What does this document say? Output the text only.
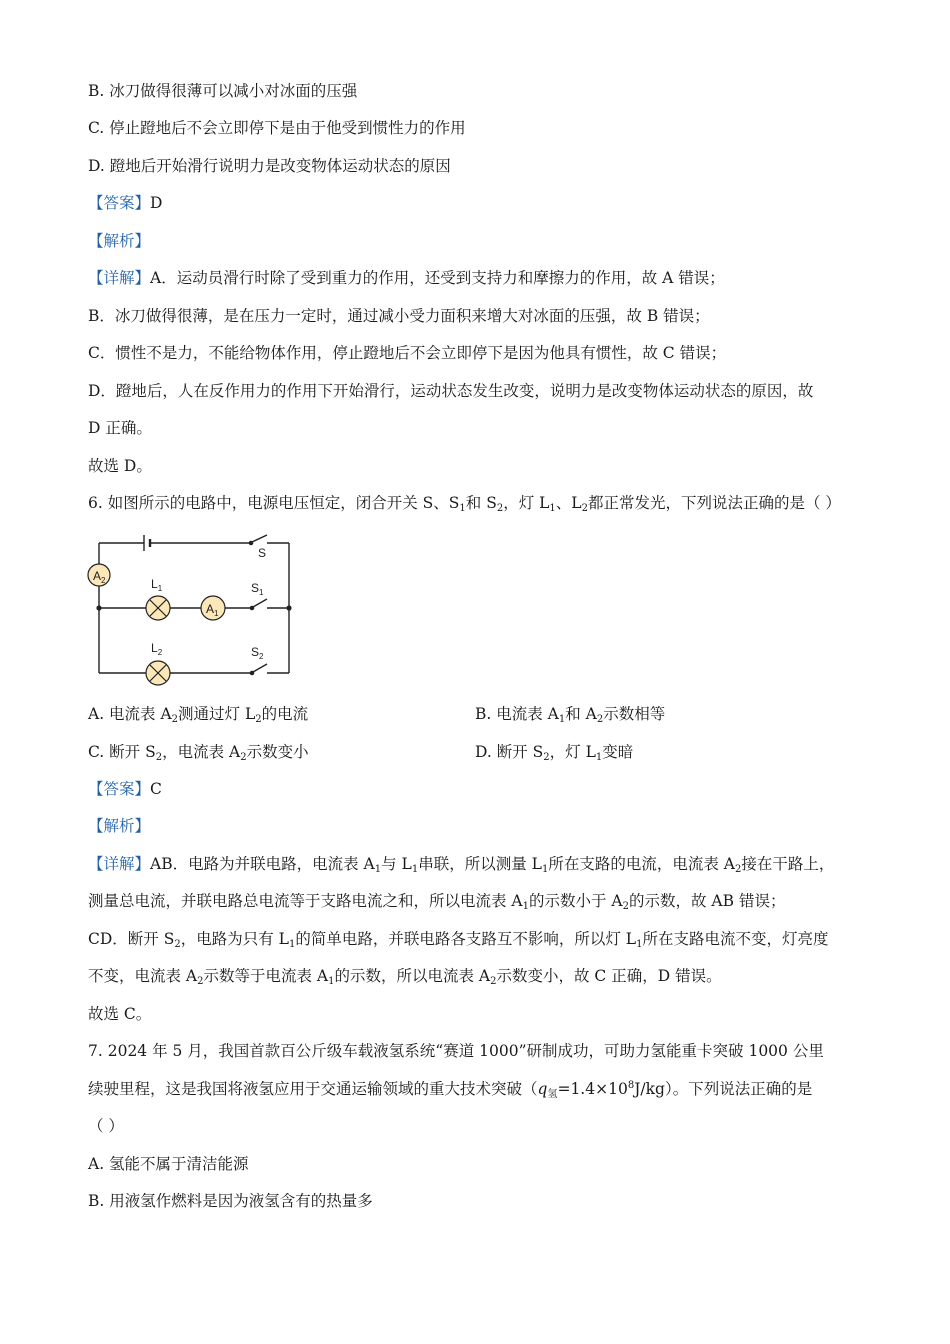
B. 冰刀做得很薄可以减小对冰面的压强
C. 停止蹬地后不会立即停下是由于他受到惯性力的作用
D. 蹬地后开始滑行说明力是改变物体运动状态的原因
【答案】D
【解析】
【详解】A．运动员滑行时除了受到重力的作用，还受到支持力和摩擦力的作用，故 A 错误；
B．冰刀做得很薄，是在压力一定时，通过减小受力面积来增大对冰面的压强，故 B 错误；
C．惯性不是力，不能给物体作用，停止蹬地后不会立即停下是因为他具有惯性，故 C 错误；
D．蹬地后，人在反作用力的作用下开始滑行，运动状态发生改变，说明力是改变物体运动状态的原因，故
D 正确。
故选 D。
6. 如图所示的电路中，电源电压恒定，闭合开关 S、$S_1$和 $S_2$，灯 $L_1$、$L_2$都正常发光，下列说法正确的是（ ）
$A_2$	$L_1$
$A_1$
$L_2$
S
$S_1$
$S_2$
A. 电流表 $A_2$测通过灯 $L_2$的电流	B. 电流表 $A_1$和 $A_2$示数相等
C. 断开 $S_2$，电流表 $A_2$示数变小	D. 断开 $S_2$，灯 $L_1$变暗
【答案】C
【解析】
【详解】AB．电路为并联电路，电流表 $A_1$与 $L_1$串联，所以测量 $L_1$所在支路的电流，电流表 $A_2$接在干路上，
测量总电流，并联电路总电流等于支路电流之和，所以电流表 $A_1$的示数小于 $A_2$的示数，故 AB 错误；
CD．断开 $S_2$，电路为只有 $L_1$的简单电路，并联电路各支路互不影响，所以灯 $L_1$所在支路电流不变，灯亮度
不变，电流表 $A_2$示数等于电流表 $A_1$的示数，所以电流表 $A_2$示数变小，故 C 正确，D 错误。
故选 C。
7. 2024 年 5 月，我国首款百公斤级车载液氢系统“赛道 1000”研制成功，可助力氢能重卡突破 1000 公里
续驶里程，这是我国将液氢应用于交通运输领域的重大技术突破$(q_氢=1.4\times 10^8J/kg)$。下列说法正确的是
（ ）
A. 氢能不属于清洁能源
B. 用液氢作燃料是因为液氢含有的热量多
